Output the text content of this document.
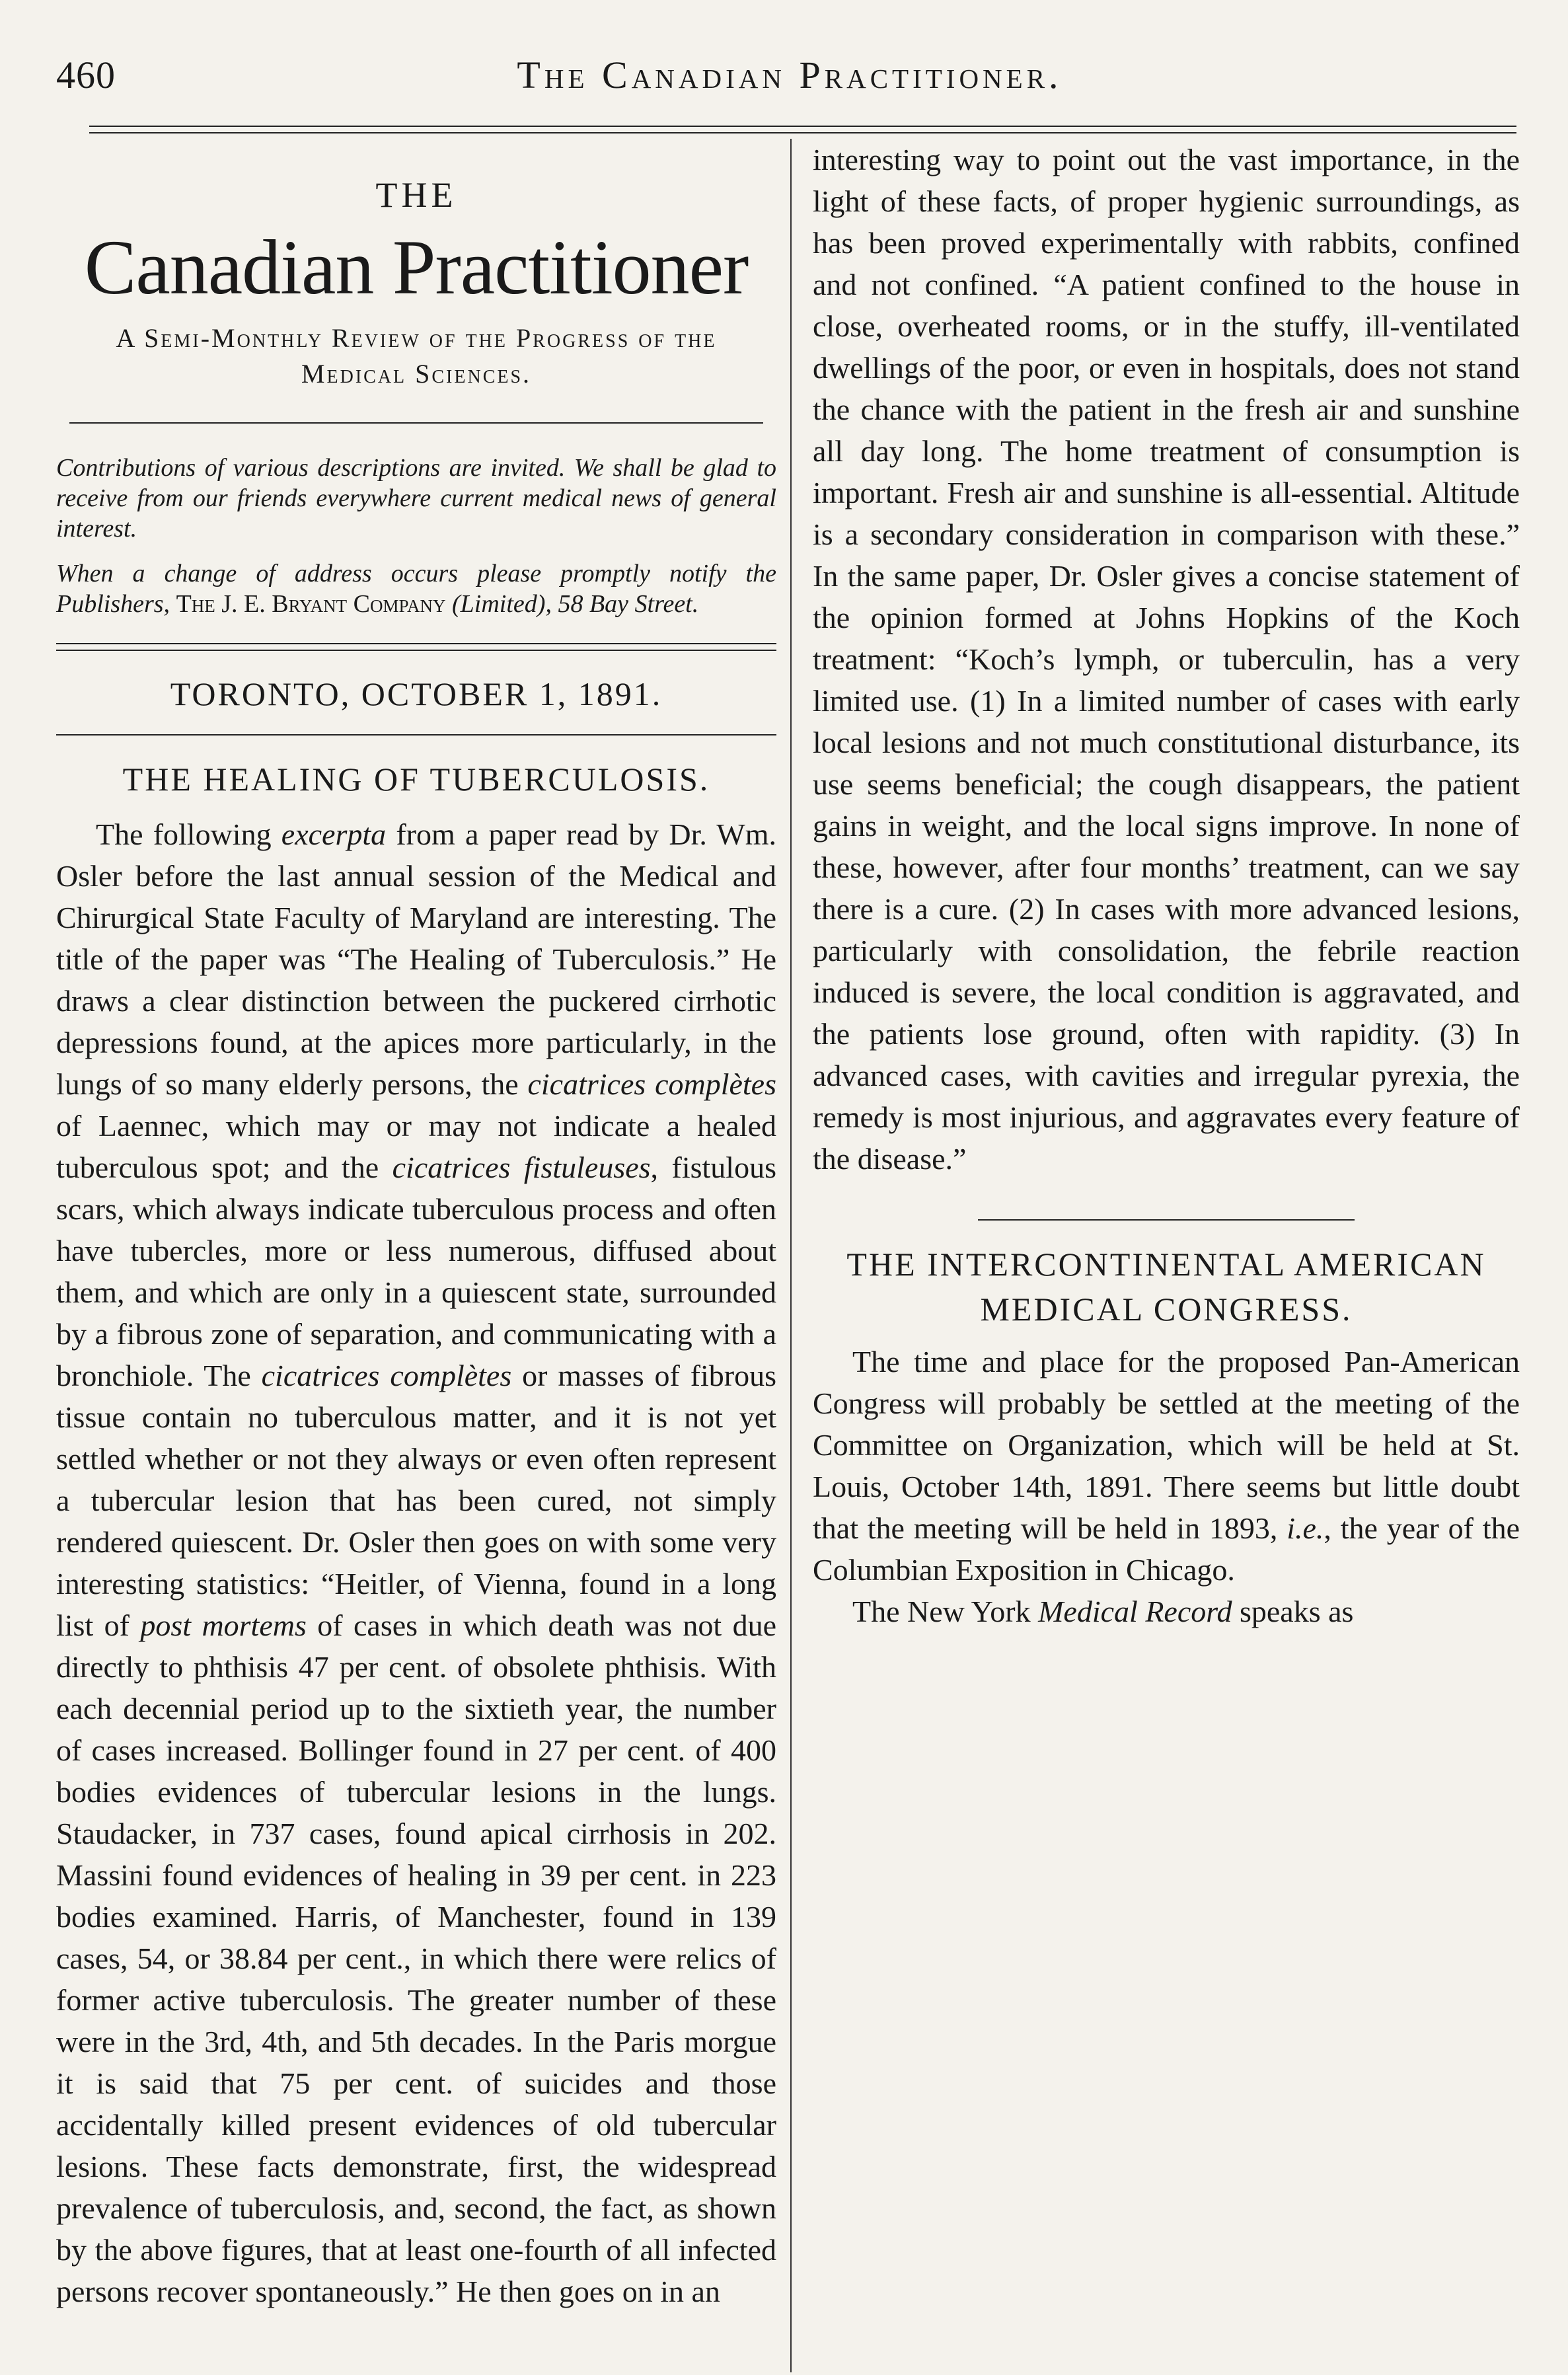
460	The Canadian Practitioner.
THE
Canadian Practitioner
A Semi-Monthly Review of the Progress of the Medical Sciences.
Contributions of various descriptions are invited. We shall be glad to receive from our friends everywhere current medical news of general interest.
When a change of address occurs please promptly notify the Publishers, The J. E. Bryant Company (Limited), 58 Bay Street.
TORONTO, OCTOBER 1, 1891.
THE HEALING OF TUBERCULOSIS.

The following excerpta from a paper read by Dr. Wm. Osler before the last annual session of the Medical and Chirurgical State Faculty of Maryland are interesting. The title of the paper was “The Healing of Tuberculosis.” He draws a clear distinction between the puckered cirrhotic depressions found, at the apices more particularly, in the lungs of so many elderly persons, the cicatrices complètes of Laennec, which may or may not indicate a healed tuberculous spot; and the cicatrices fistuleuses, fistulous scars, which always indicate tuberculous process and often have tubercles, more or less numerous, diffused about them, and which are only in a quiescent state, surrounded by a fibrous zone of separation, and communicating with a bronchiole. The cicatrices complètes or masses of fibrous tissue contain no tuberculous matter, and it is not yet settled whether or not they always or even often represent a tubercular lesion that has been cured, not simply rendered quiescent. Dr. Osler then goes on with some very interesting statistics: “Heitler, of Vienna, found in a long list of post mortems of cases in which death was not due directly to phthisis 47 per cent. of obsolete phthisis. With each decennial period up to the sixtieth year, the number of cases increased. Bollinger found in 27 per cent. of 400 bodies evidences of tubercular lesions in the lungs. Staudacker, in 737 cases, found apical cirrhosis in 202. Massini found evidences of healing in 39 per cent. in 223 bodies examined. Harris, of Manchester, found in 139 cases, 54, or 38.84 per cent., in which there were relics of former active tuberculosis. The greater number of these were in the 3rd, 4th, and 5th decades. In the Paris morgue it is said that 75 per cent. of suicides and those accidentally killed present evidences of old tubercular lesions. These facts demonstrate, first, the widespread prevalence of tuberculosis, and, second, the fact, as shown by the above figures, that at least one-fourth of all infected persons recover spontaneously.” He then goes on in an

interesting way to point out the vast importance, in the light of these facts, of proper hygienic surroundings, as has been proved experimentally with rabbits, confined and not confined. “A patient confined to the house in close, overheated rooms, or in the stuffy, ill-ventilated dwellings of the poor, or even in hospitals, does not stand the chance with the patient in the fresh air and sunshine all day long. The home treatment of consumption is important. Fresh air and sunshine is all-essential. Altitude is a secondary consideration in comparison with these.” In the same paper, Dr. Osler gives a concise statement of the opinion formed at Johns Hopkins of the Koch treatment: “Koch’s lymph, or tuberculin, has a very limited use. (1) In a limited number of cases with early local lesions and not much constitutional disturbance, its use seems beneficial; the cough disappears, the patient gains in weight, and the local signs improve. In none of these, however, after four months’ treatment, can we say there is a cure. (2) In cases with more advanced lesions, particularly with consolidation, the febrile reaction induced is severe, the local condition is aggravated, and the patients lose ground, often with rapidity. (3) In advanced cases, with cavities and irregular pyrexia, the remedy is most injurious, and aggravates every feature of the disease.”

THE INTERCONTINENTAL AMERICAN MEDICAL CONGRESS.

The time and place for the proposed Pan-American Congress will probably be settled at the meeting of the Committee on Organization, which will be held at St. Louis, October 14th, 1891. There seems but little doubt that the meeting will be held in 1893, i.e., the year of the Columbian Exposition in Chicago.

The New York Medical Record speaks as
